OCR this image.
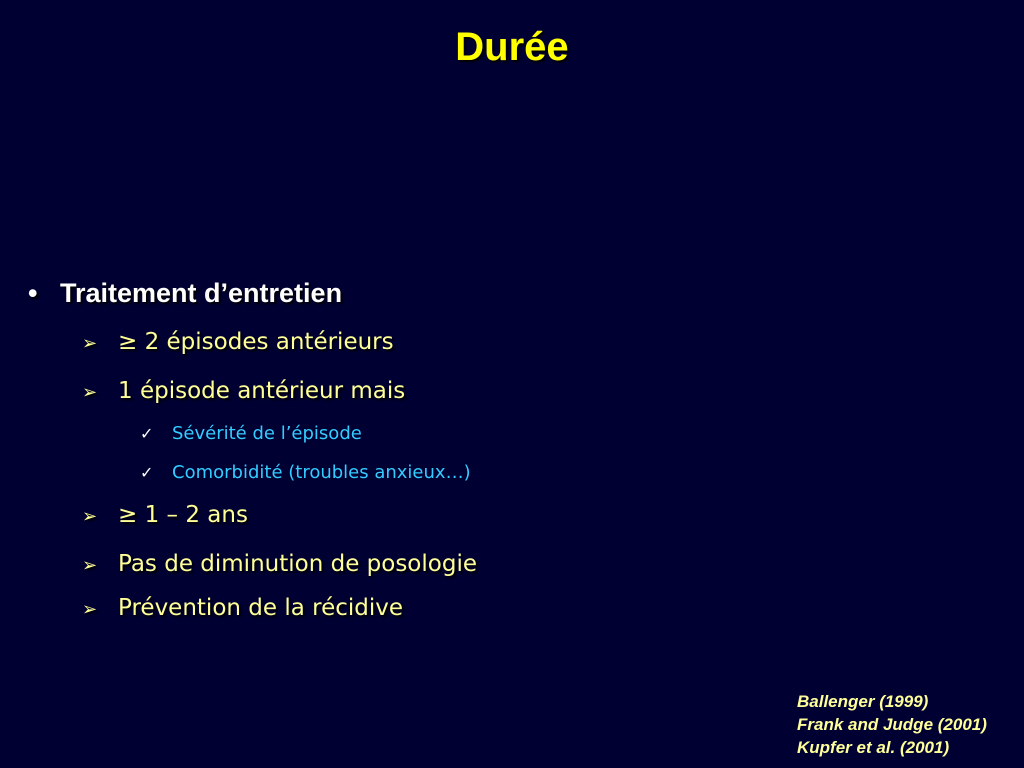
Durée
• Traitement d’entretien
➢ ≥ 2 épisodes antérieurs
➢ 1 épisode antérieur mais
✓ Sévérité de l’épisode
✓ Comorbidité (troubles anxieux…)
➢ ≥ 1 – 2 ans
➢ Pas de diminution de posologie
➢ Prévention de la récidive
Ballenger (1999)
Frank and Judge (2001)
Kupfer et al. (2001)
